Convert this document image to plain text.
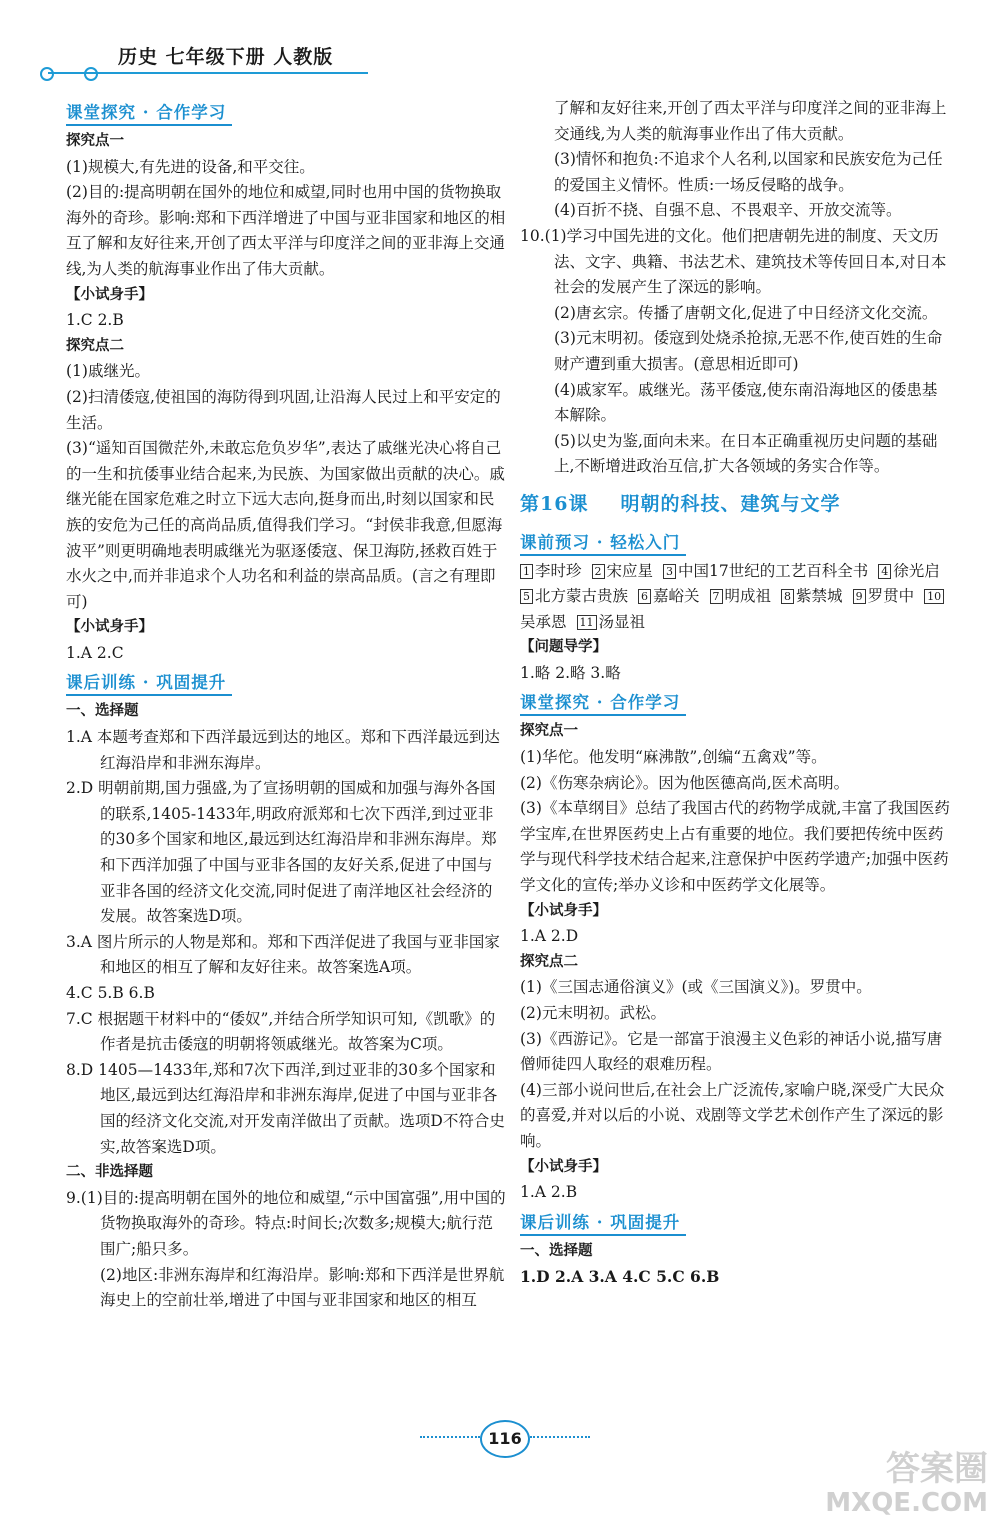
历史 七年级下册 人教版
课堂探究 · 合作学习

探究点一

(1)规模大,有先进的设备,和平交往。

(2)目的:提高明朝在国外的地位和威望,同时也用中国的货物换取海外的奇珍。影响:郑和下西洋增进了中国与亚非国家和地区的相互了解和友好往来,开创了西太平洋与印度洋之间的亚非海上交通线,为人类的航海事业作出了伟大贡献。

【小试身手】

1.C 2.B

探究点二

(1)戚继光。

(2)扫清倭寇,使祖国的海防得到巩固,让沿海人民过上和平安定的生活。

(3)“遥知百国微茫外,未敢忘危负岁华”,表达了戚继光决心将自己的一生和抗倭事业结合起来,为民族、为国家做出贡献的决心。戚继光能在国家危难之时立下远大志向,挺身而出,时刻以国家和民族的安危为己任的高尚品质,值得我们学习。“封侯非我意,但愿海波平”则更明确地表明戚继光为驱逐倭寇、保卫海防,拯救百姓于水火之中,而并非追求个人功名和利益的崇高品质。(言之有理即可)

【小试身手】

1.A 2.C

课后训练 · 巩固提升

一、选择题

1.A 本题考查郑和下西洋最远到达的地区。郑和下西洋最远到达红海沿岸和非洲东海岸。

2.D 明朝前期,国力强盛,为了宣扬明朝的国威和加强与海外各国的联系,1405-1433年,明政府派郑和七次下西洋,到过亚非的30多个国家和地区,最远到达红海沿岸和非洲东海岸。郑和下西洋加强了中国与亚非各国的友好关系,促进了中国与亚非各国的经济文化交流,同时促进了南洋地区社会经济的发展。故答案选D项。

3.A 图片所示的人物是郑和。郑和下西洋促进了我国与亚非国家和地区的相互了解和友好往来。故答案选A项。

4.C 5.B 6.B

7.C 根据题干材料中的“倭奴”,并结合所学知识可知,《凯歌》的作者是抗击倭寇的明朝将领戚继光。故答案为C项。

8.D 1405—1433年,郑和7次下西洋,到过亚非的30多个国家和地区,最远到达红海沿岸和非洲东海岸,促进了中国与亚非各国的经济文化交流,对开发南洋做出了贡献。选项D不符合史实,故答案选D项。

二、非选择题

9.(1)目的:提高明朝在国外的地位和威望,“示中国富强”,用中国的货物换取海外的奇珍。特点:时间长;次数多;规模大;航行范围广;船只多。

(2)地区:非洲东海岸和红海沿岸。影响:郑和下西洋是世界航海史上的空前壮举,增进了中国与亚非国家和地区的相互

了解和友好往来,开创了西太平洋与印度洋之间的亚非海上交通线,为人类的航海事业作出了伟大贡献。

(3)情怀和抱负:不追求个人名利,以国家和民族安危为己任的爱国主义情怀。性质:一场反侵略的战争。

(4)百折不挠、自强不息、不畏艰辛、开放交流等。

10.(1)学习中国先进的文化。他们把唐朝先进的制度、天文历法、文字、典籍、书法艺术、建筑技术等传回日本,对日本社会的发展产生了深远的影响。

(2)唐玄宗。传播了唐朝文化,促进了中日经济文化交流。

(3)元末明初。倭寇到处烧杀抢掠,无恶不作,使百姓的生命财产遭到重大损害。(意思相近即可)

(4)戚家军。戚继光。荡平倭寇,使东南沿海地区的倭患基本解除。

(5)以史为鉴,面向未来。在日本正确重视历史问题的基础上,不断增进政治互信,扩大各领域的务实合作等。

第16课 明朝的科技、建筑与文学
课前预习 · 轻松入门

1 李时珍 2 宋应星 3 中国17世纪的工艺百科全书 4 徐光启5 北方蒙古贵族 6 嘉峪关 7 明成祖 8 紫禁城 9 罗贯中 10吴承恩 11 汤显祖

【问题导学】

1.略 2.略 3.略

课堂探究 · 合作学习

探究点一

(1)华佗。他发明“麻沸散”,创编“五禽戏”等。

(2)《伤寒杂病论》。因为他医德高尚,医术高明。

(3)《本草纲目》总结了我国古代的药物学成就,丰富了我国医药学宝库,在世界医药史上占有重要的地位。我们要把传统中医药学与现代科学技术结合起来,注意保护中医药学遗产;加强中医药学文化的宣传;举办义诊和中医药学文化展等。

【小试身手】

1.A 2.D

探究点二

(1)《三国志通俗演义》(或《三国演义》)。罗贯中。

(2)元末明初。武松。

(3)《西游记》。它是一部富于浪漫主义色彩的神话小说,描写唐僧师徒四人取经的艰难历程。

(4)三部小说问世后,在社会上广泛流传,家喻户晓,深受广大民众的喜爱,并对以后的小说、戏剧等文学艺术创作产生了深远的影响。

【小试身手】

1.A 2.B

课后训练 · 巩固提升

一、选择题

1.D 2.A 3.A 4.C 5.C 6.B

116
答案圈
MXQE.COM
